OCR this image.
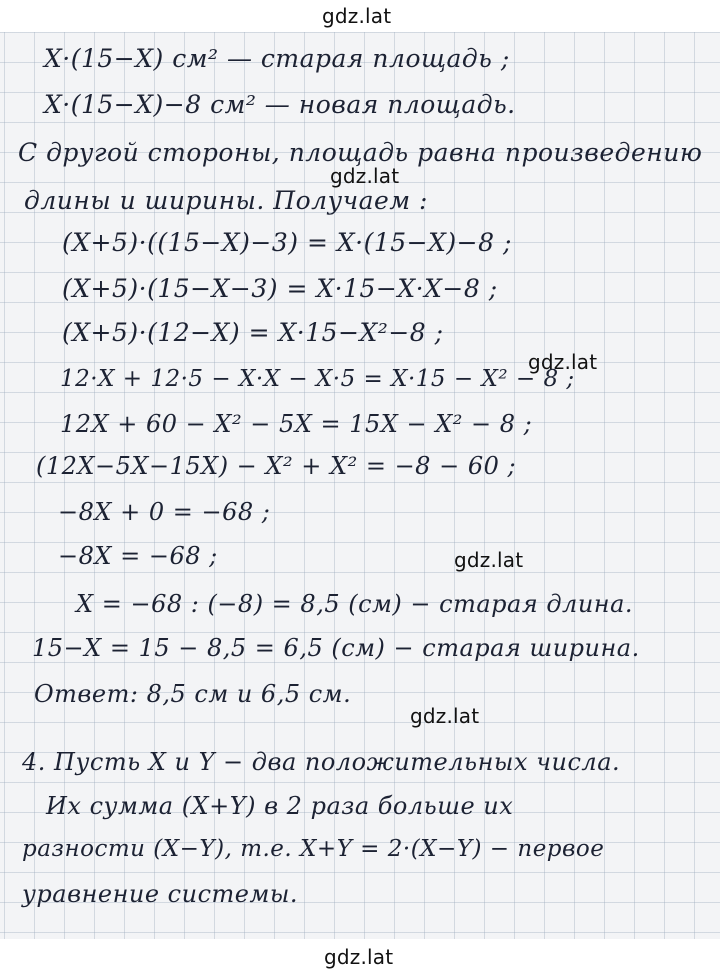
gdz.lat
X·(15−X) см² — старая площадь ;
X·(15−X)−8 см² — новая площадь.
С другой стороны, площадь равна произведению
gdz.lat
длины и ширины. Получаем :
(X+5)·((15−X)−3) = X·(15−X)−8 ;
(X+5)·(15−X−3) = X·15−X·X−8 ;
(X+5)·(12−X) = X·15−X²−8 ;
gdz.lat
12·X + 12·5 − X·X − X·5 = X·15 − X² − 8 ;
12X + 60 − X² − 5X = 15X − X² − 8 ;
(12X−5X−15X) − X² + X² = −8 − 60 ;
−8X + 0 = −68 ;
−8X = −68 ;	gdz.lat
X = −68 : (−8) = 8,5 (см) − старая длина.
15−X = 15 − 8,5 = 6,5 (см) − старая ширина.
Ответ: 8,5 см и 6,5 см.
gdz.lat
4. Пусть X и Y − два положительных числа.
Их сумма (X+Y) в 2 раза больше их
разности (X−Y), т.е. X+Y = 2·(X−Y) − первое
уравнение системы.
gdz.lat
